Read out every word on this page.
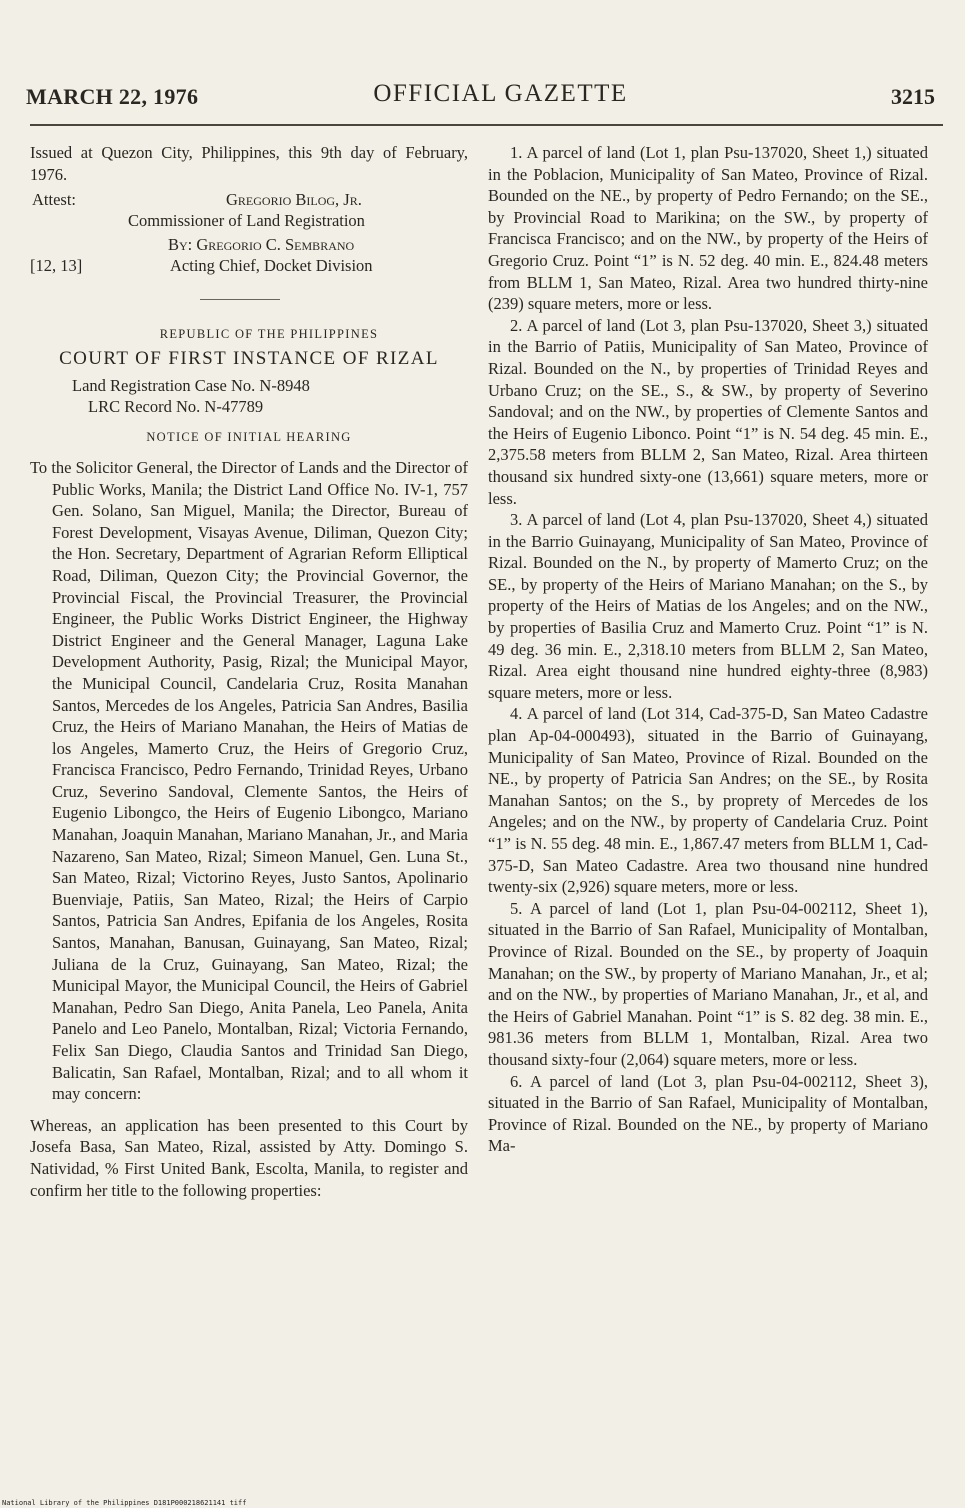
MARCH 22, 1976	OFFICIAL GAZETTE	3215

Issued at Quezon City, Philippines, this 9th day of February, 1976.

Attest:	Gregorio Bilog, Jr.
Commissioner of Land Registration
By: Gregorio C. Sembrano
[12, 13]	Acting Chief, Docket Division
REPUBLIC OF THE PHILIPPINES
COURT OF FIRST INSTANCE OF RIZAL
Land Registration Case No. N-8948
LRC Record No. N-47789
NOTICE OF INITIAL HEARING

To the Solicitor General, the Director of Lands and the Director of Public Works, Manila; the District Land Office No. IV-1, 757 Gen. Solano, San Miguel, Manila; the Director, Bureau of Forest Development, Visayas Avenue, Diliman, Quezon City; the Hon. Secretary, Department of Agrarian Reform Elliptical Road, Diliman, Quezon City; the Provincial Governor, the Provincial Fiscal, the Provincial Treasurer, the Provincial Engineer, the Public Works District Engineer, the Highway District Engineer and the General Manager, Laguna Lake Development Authority, Pasig, Rizal; the Municipal Mayor, the Municipal Council, Candelaria Cruz, Rosita Manahan Santos, Mercedes de los Angeles, Patricia San Andres, Basilia Cruz, the Heirs of Mariano Manahan, the Heirs of Matias de los Angeles, Mamerto Cruz, the Heirs of Gregorio Cruz, Francisca Francisco, Pedro Fernando, Trinidad Reyes, Urbano Cruz, Severino Sandoval, Clemente Santos, the Heirs of Eugenio Libongco, the Heirs of Eugenio Libongco, Mariano Manahan, Joaquin Manahan, Mariano Manahan, Jr., and Maria Nazareno, San Mateo, Rizal; Simeon Manuel, Gen. Luna St., San Mateo, Rizal; Victorino Reyes, Justo Santos, Apolinario Buenviaje, Patiis, San Mateo, Rizal; the Heirs of Carpio Santos, Patricia San Andres, Epifania de los Angeles, Rosita Santos, Manahan, Banusan, Guinayang, San Mateo, Rizal; Juliana de la Cruz, Guinayang, San Mateo, Rizal; the Municipal Mayor, the Municipal Council, the Heirs of Gabriel Manahan, Pedro San Diego, Anita Panela, Leo Panela, Anita Panelo and Leo Panelo, Montalban, Rizal; Victoria Fernando, Felix San Diego, Claudia Santos and Trinidad San Diego, Balicatin, San Rafael, Montalban, Rizal; and to all whom it may concern:

Whereas, an application has been presented to this Court by Josefa Basa, San Mateo, Rizal, assisted by Atty. Domingo S. Natividad, % First United Bank, Escolta, Manila, to register and confirm her title to the following properties:

1. A parcel of land (Lot 1, plan Psu-137020, Sheet 1,) situated in the Poblacion, Municipality of San Mateo, Province of Rizal. Bounded on the NE., by property of Pedro Fernando; on the SE., by Provincial Road to Marikina; on the SW., by property of Francisca Francisco; and on the NW., by property of the Heirs of Gregorio Cruz. Point “1” is N. 52 deg. 40 min. E., 824.48 meters from BLLM 1, San Mateo, Rizal. Area two hundred thirty-nine (239) square meters, more or less.

2. A parcel of land (Lot 3, plan Psu-137020, Sheet 3,) situated in the Barrio of Patiis, Municipality of San Mateo, Province of Rizal. Bounded on the N., by properties of Trinidad Reyes and Urbano Cruz; on the SE., S., & SW., by property of Severino Sandoval; and on the NW., by properties of Clemente Santos and the Heirs of Eugenio Libonco. Point “1” is N. 54 deg. 45 min. E., 2,375.58 meters from BLLM 2, San Mateo, Rizal. Area thirteen thousand six hundred sixty-one (13,661) square meters, more or less.

3. A parcel of land (Lot 4, plan Psu-137020, Sheet 4,) situated in the Barrio Guinayang, Municipality of San Mateo, Province of Rizal. Bounded on the N., by property of Mamerto Cruz; on the SE., by property of the Heirs of Mariano Manahan; on the S., by property of the Heirs of Matias de los Angeles; and on the NW., by properties of Basilia Cruz and Mamerto Cruz. Point “1” is N. 49 deg. 36 min. E., 2,318.10 meters from BLLM 2, San Mateo, Rizal. Area eight thousand nine hundred eighty-three (8,983) square meters, more or less.

4. A parcel of land (Lot 314, Cad-375-D, San Mateo Cadastre plan Ap-04-000493), situated in the Barrio of Guinayang, Municipality of San Mateo, Province of Rizal. Bounded on the NE., by property of Patricia San Andres; on the SE., by Rosita Manahan Santos; on the S., by proprety of Mercedes de los Angeles; and on the NW., by property of Candelaria Cruz. Point “1” is N. 55 deg. 48 min. E., 1,867.47 meters from BLLM 1, Cad-375-D, San Mateo Cadastre. Area two thousand nine hundred twenty-six (2,926) square meters, more or less.

5. A parcel of land (Lot 1, plan Psu-04-002112, Sheet 1), situated in the Barrio of San Rafael, Municipality of Montalban, Province of Rizal. Bounded on the SE., by property of Joaquin Manahan; on the SW., by property of Mariano Manahan, Jr., et al; and on the NW., by properties of Mariano Manahan, Jr., et al, and the Heirs of Gabriel Manahan. Point “1” is S. 82 deg. 38 min. E., 981.36 meters from BLLM 1, Montalban, Rizal. Area two thousand sixty-four (2,064) square meters, more or less.

6. A parcel of land (Lot 3, plan Psu-04-002112, Sheet 3), situated in the Barrio of San Rafael, Municipality of Montalban, Province of Rizal. Bounded on the NE., by property of Mariano Ma-

National Library of the Philippines D181P000218621141 tiff
